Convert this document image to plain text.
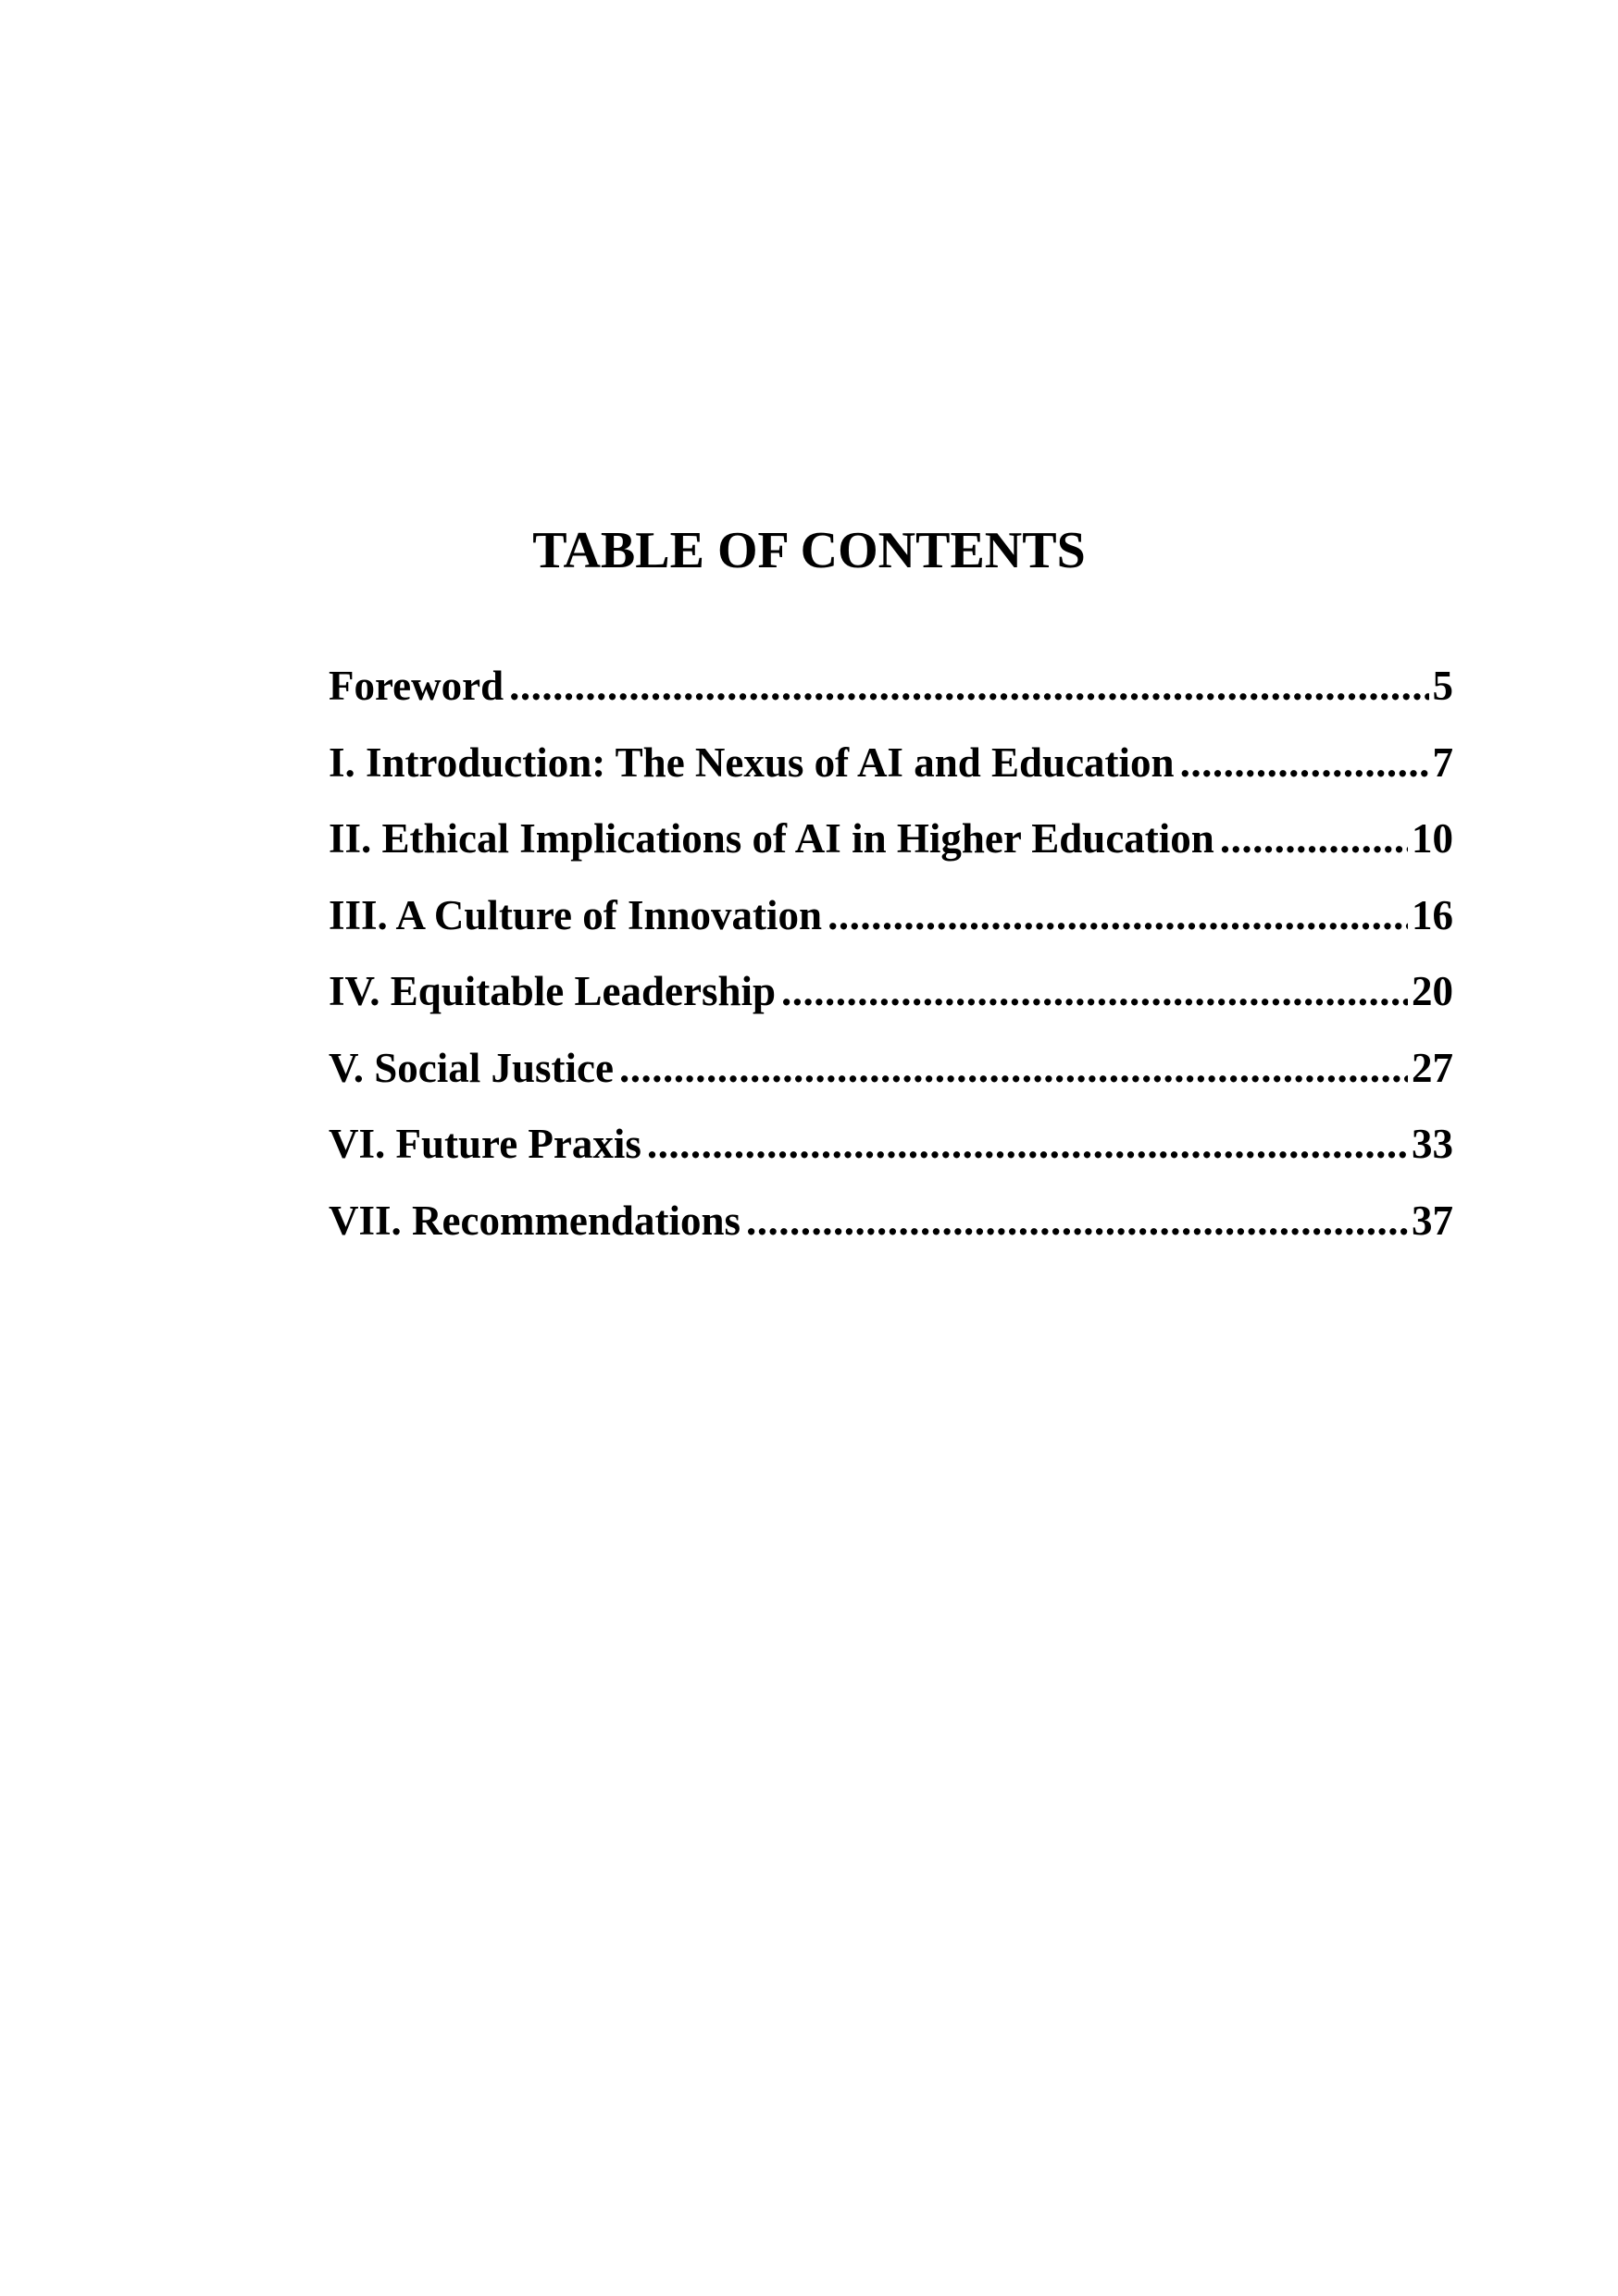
TABLE OF CONTENTS
Foreword .....	5
I. Introduction: The Nexus of AI and Education .....	7
II. Ethical Implications of AI in Higher Education .....	10
III. A Culture of Innovation .....	16
IV. Equitable Leadership .....	20
V. Social Justice .....	27
VI. Future Praxis .....	33
VII. Recommendations .....	37
